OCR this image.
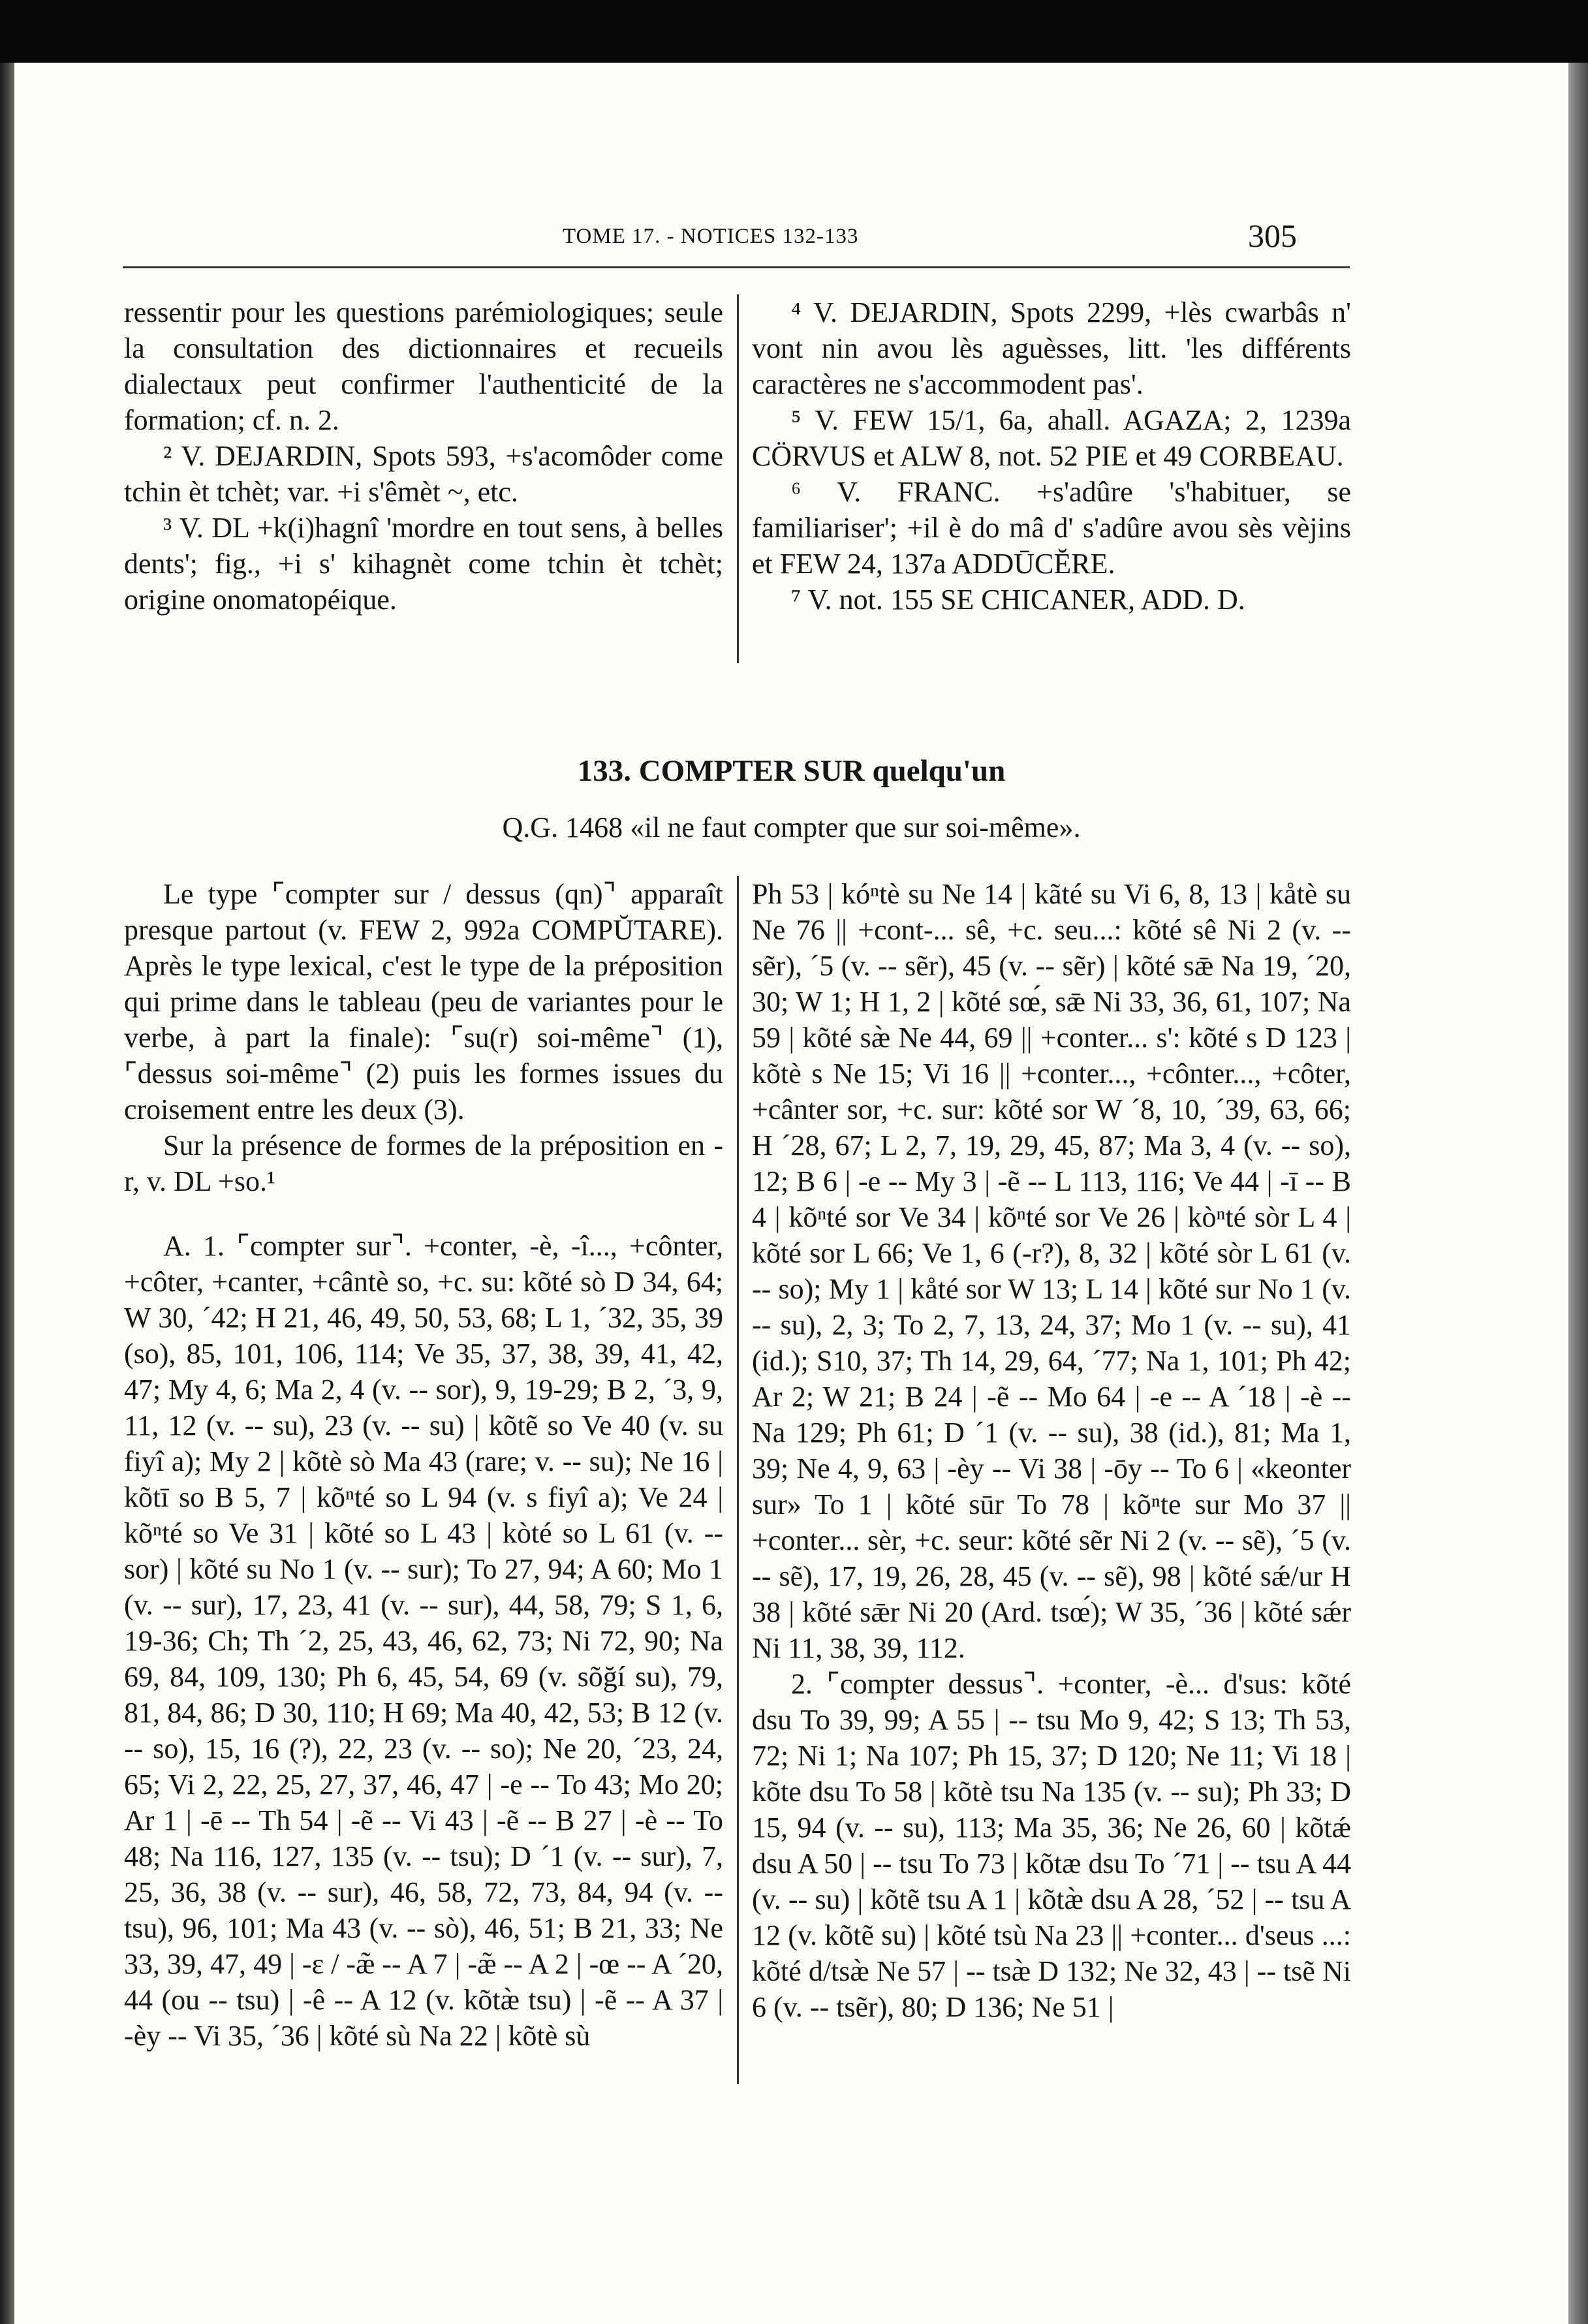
TOME 17. - NOTICES 132-133	305

ressentir pour les questions parémiologiques; seule la consultation des dictionnaires et recueils dialectaux peut confirmer l'authenticité de la formation; cf. n. 2.

² V. DEJARDIN, Spots 593, +s'acomôder come tchin èt tchèt; var. +i s'êmèt ~, etc.

³ V. DL +k(i)hagnî 'mordre en tout sens, à belles dents'; fig., +i s' kihagnèt come tchin èt tchèt; origine onomatopéique.

⁴ V. DEJARDIN, Spots 2299, +lès cwarbâs n' vont nin avou lès aguèsses, litt. 'les différents caractères ne s'accommodent pas'.

⁵ V. FEW 15/1, 6a, ahall. AGAZA; 2, 1239a CÖRVUS et ALW 8, not. 52 PIE et 49 CORBEAU.

⁶ V. FRANC. +s'adûre 's'habituer, se familiariser'; +il è do mâ d' s'adûre avou sès vèjins et FEW 24, 137a ADDŪCĔRE.

⁷ V. not. 155 SE CHICANER, ADD. D.

133. COMPTER SUR quelqu'un
Q.G. 1468 «il ne faut compter que sur soi-même».

Le type ⌜compter sur / dessus (qn)⌝ apparaît presque partout (v. FEW 2, 992a COMPŬTARE). Après le type lexical, c'est le type de la préposition qui prime dans le tableau (peu de variantes pour le verbe, à part la finale): ⌜su(r) soi-même⌝ (1), ⌜dessus soi-même⌝ (2) puis les formes issues du croisement entre les deux (3).

Sur la présence de formes de la préposition en -r, v. DL +so.¹

A. 1. ⌜compter sur⌝. +conter, -è, -î..., +cônter, +côter, +canter, +cântè so, +c. su: kõté sò D 34, 64; W 30, ´42; H 21, 46, 49, 50, 53, 68; L 1, ´32, 35, 39 (so), 85, 101, 106, 114; Ve 35, 37, 38, 39, 41, 42, 47; My 4, 6; Ma 2, 4 (v. -- sor), 9, 19-29; B 2, ´3, 9, 11, 12 (v. -- su), 23 (v. -- su) | kõtẽ so Ve 40 (v. su fiyî a); My 2 | kõtè sò Ma 43 (rare; v. -- su); Ne 16 | kõtī so B 5, 7 | kõⁿté so L 94 (v. s fiyî a); Ve 24 | kõⁿté so Ve 31 | kõté so L 43 | kòté so L 61 (v. -- sor) | kõté su No 1 (v. -- sur); To 27, 94; A 60; Mo 1 (v. -- sur), 17, 23, 41 (v. -- sur), 44, 58, 79; S 1, 6, 19-36; Ch; Th ´2, 25, 43, 46, 62, 73; Ni 72, 90; Na 69, 84, 109, 130; Ph 6, 45, 54, 69 (v. sõğí su), 79, 81, 84, 86; D 30, 110; H 69; Ma 40, 42, 53; B 12 (v. -- so), 15, 16 (?), 22, 23 (v. -- so); Ne 20, ´23, 24, 65; Vi 2, 22, 25, 27, 37, 46, 47 | -e -- To 43; Mo 20; Ar 1 | -ē -- Th 54 | -ẽ -- Vi 43 | -ẽ -- B 27 | -è -- To 48; Na 116, 127, 135 (v. -- tsu); D ´1 (v. -- sur), 7, 25, 36, 38 (v. -- sur), 46, 58, 72, 73, 84, 94 (v. -- tsu), 96, 101; Ma 43 (v. -- sò), 46, 51; B 21, 33; Ne 33, 39, 47, 49 | -ε / -æ̃ -- A 7 | -æ̃ -- A 2 | -œ -- A ´20, 44 (ou -- tsu) | -ê -- A 12 (v. kõtæ̀ tsu) | -ẽ -- A 37 | -èy -- Vi 35, ´36 | kõté sù Na 22 | kõtè sù

Ph 53 | kóⁿtè su Ne 14 | kãté su Vi 6, 8, 13 | kåtè su Ne 76 || +cont-... sê, +c. seu...: kõté sê Ni 2 (v. -- sẽr), ´5 (v. -- sẽr), 45 (v. -- sẽr) | kõté sǣ Na 19, ´20, 30; W 1; H 1, 2 | kõté sœ́, sǣ Ni 33, 36, 61, 107; Na 59 | kõté sæ̀ Ne 44, 69 || +conter... s': kõté s D 123 | kõtè s Ne 15; Vi 16 || +conter..., +cônter..., +côter, +cânter sor, +c. sur: kõté sor W ´8, 10, ´39, 63, 66; H ´28, 67; L 2, 7, 19, 29, 45, 87; Ma 3, 4 (v. -- so), 12; B 6 | -e -- My 3 | -ẽ -- L 113, 116; Ve 44 | -ī -- B 4 | kõⁿté sor Ve 34 | kõⁿté sor Ve 26 | kòⁿté sòr L 4 | kõté sor L 66; Ve 1, 6 (-r?), 8, 32 | kõté sòr L 61 (v. -- so); My 1 | kåté sor W 13; L 14 | kõté sur No 1 (v. -- su), 2, 3; To 2, 7, 13, 24, 37; Mo 1 (v. -- su), 41 (id.); S10, 37; Th 14, 29, 64, ´77; Na 1, 101; Ph 42; Ar 2; W 21; B 24 | -ẽ -- Mo 64 | -e -- A ´18 | -è -- Na 129; Ph 61; D ´1 (v. -- su), 38 (id.), 81; Ma 1, 39; Ne 4, 9, 63 | -èy -- Vi 38 | -ōy -- To 6 | «keonter sur» To 1 | kõté sūr To 78 | kõⁿte sur Mo 37 || +conter... sèr, +c. seur: kõté sẽr Ni 2 (v. -- sẽ), ´5 (v. -- sẽ), 17, 19, 26, 28, 45 (v. -- sẽ), 98 | kõté sǽ/ur H 38 | kõté sǣr Ni 20 (Ard. tsœ́); W 35, ´36 | kõté sǽr Ni 11, 38, 39, 112.

2. ⌜compter dessus⌝. +conter, -è... d'sus: kõté dsu To 39, 99; A 55 | -- tsu Mo 9, 42; S 13; Th 53, 72; Ni 1; Na 107; Ph 15, 37; D 120; Ne 11; Vi 18 | kõte dsu To 58 | kõtè tsu Na 135 (v. -- su); Ph 33; D 15, 94 (v. -- su), 113; Ma 35, 36; Ne 26, 60 | kõtǽ dsu A 50 | -- tsu To 73 | kõtæ dsu To ´71 | -- tsu A 44 (v. -- su) | kõtẽ tsu A 1 | kõtæ̀ dsu A 28, ´52 | -- tsu A 12 (v. kõtẽ su) | kõté tsù Na 23 || +conter... d'seus ...: kõté d/tsæ̀ Ne 57 | -- tsæ̀ D 132; Ne 32, 43 | -- tsẽ Ni 6 (v. -- tsẽr), 80; D 136; Ne 51 |
